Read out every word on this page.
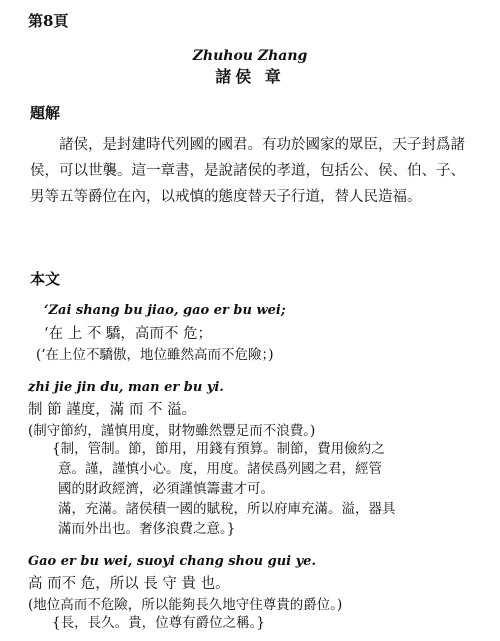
第8頁
Zhuhou Zhang
諸侯 章
題解
諸侯，是封建時代列國的國君。有功於國家的眾臣，天子封爲諸侯，可以世襲。這一章書，是說諸侯的孝道，包括公、侯、伯、子、男等五等爵位在內，以戒慎的態度替天子行道，替人民造福。
本文
‘Zai shang bu jiao, gao er bu wei;
‘在 上 不 驕，高而不 危；
(‘在上位不驕傲，地位雖然高而不危險；)
zhi jie jin du, man er bu yi.
制 節 謹度，滿 而 不 溢。
(制守節約，謹慎用度，財物雖然豐足而不浪費。)
{制，管制。節，節用，用錢有預算。制節，費用儉約之
意。謹，謹慎小心。度，用度。諸侯爲列國之君，經管
國的財政經濟，必須謹慎籌畫才可。
滿，充滿。諸侯積一國的賦稅，所以府庫充滿。溢，器具
滿而外出也。奢侈浪費之意。}
Gao er bu wei, suoyi chang shou gui ye.
高 而不 危，所以 長 守 貴 也。
(地位高而不危險，所以能夠長久地守住尊貴的爵位。)
{長，長久。貴，位尊有爵位之稱。}
